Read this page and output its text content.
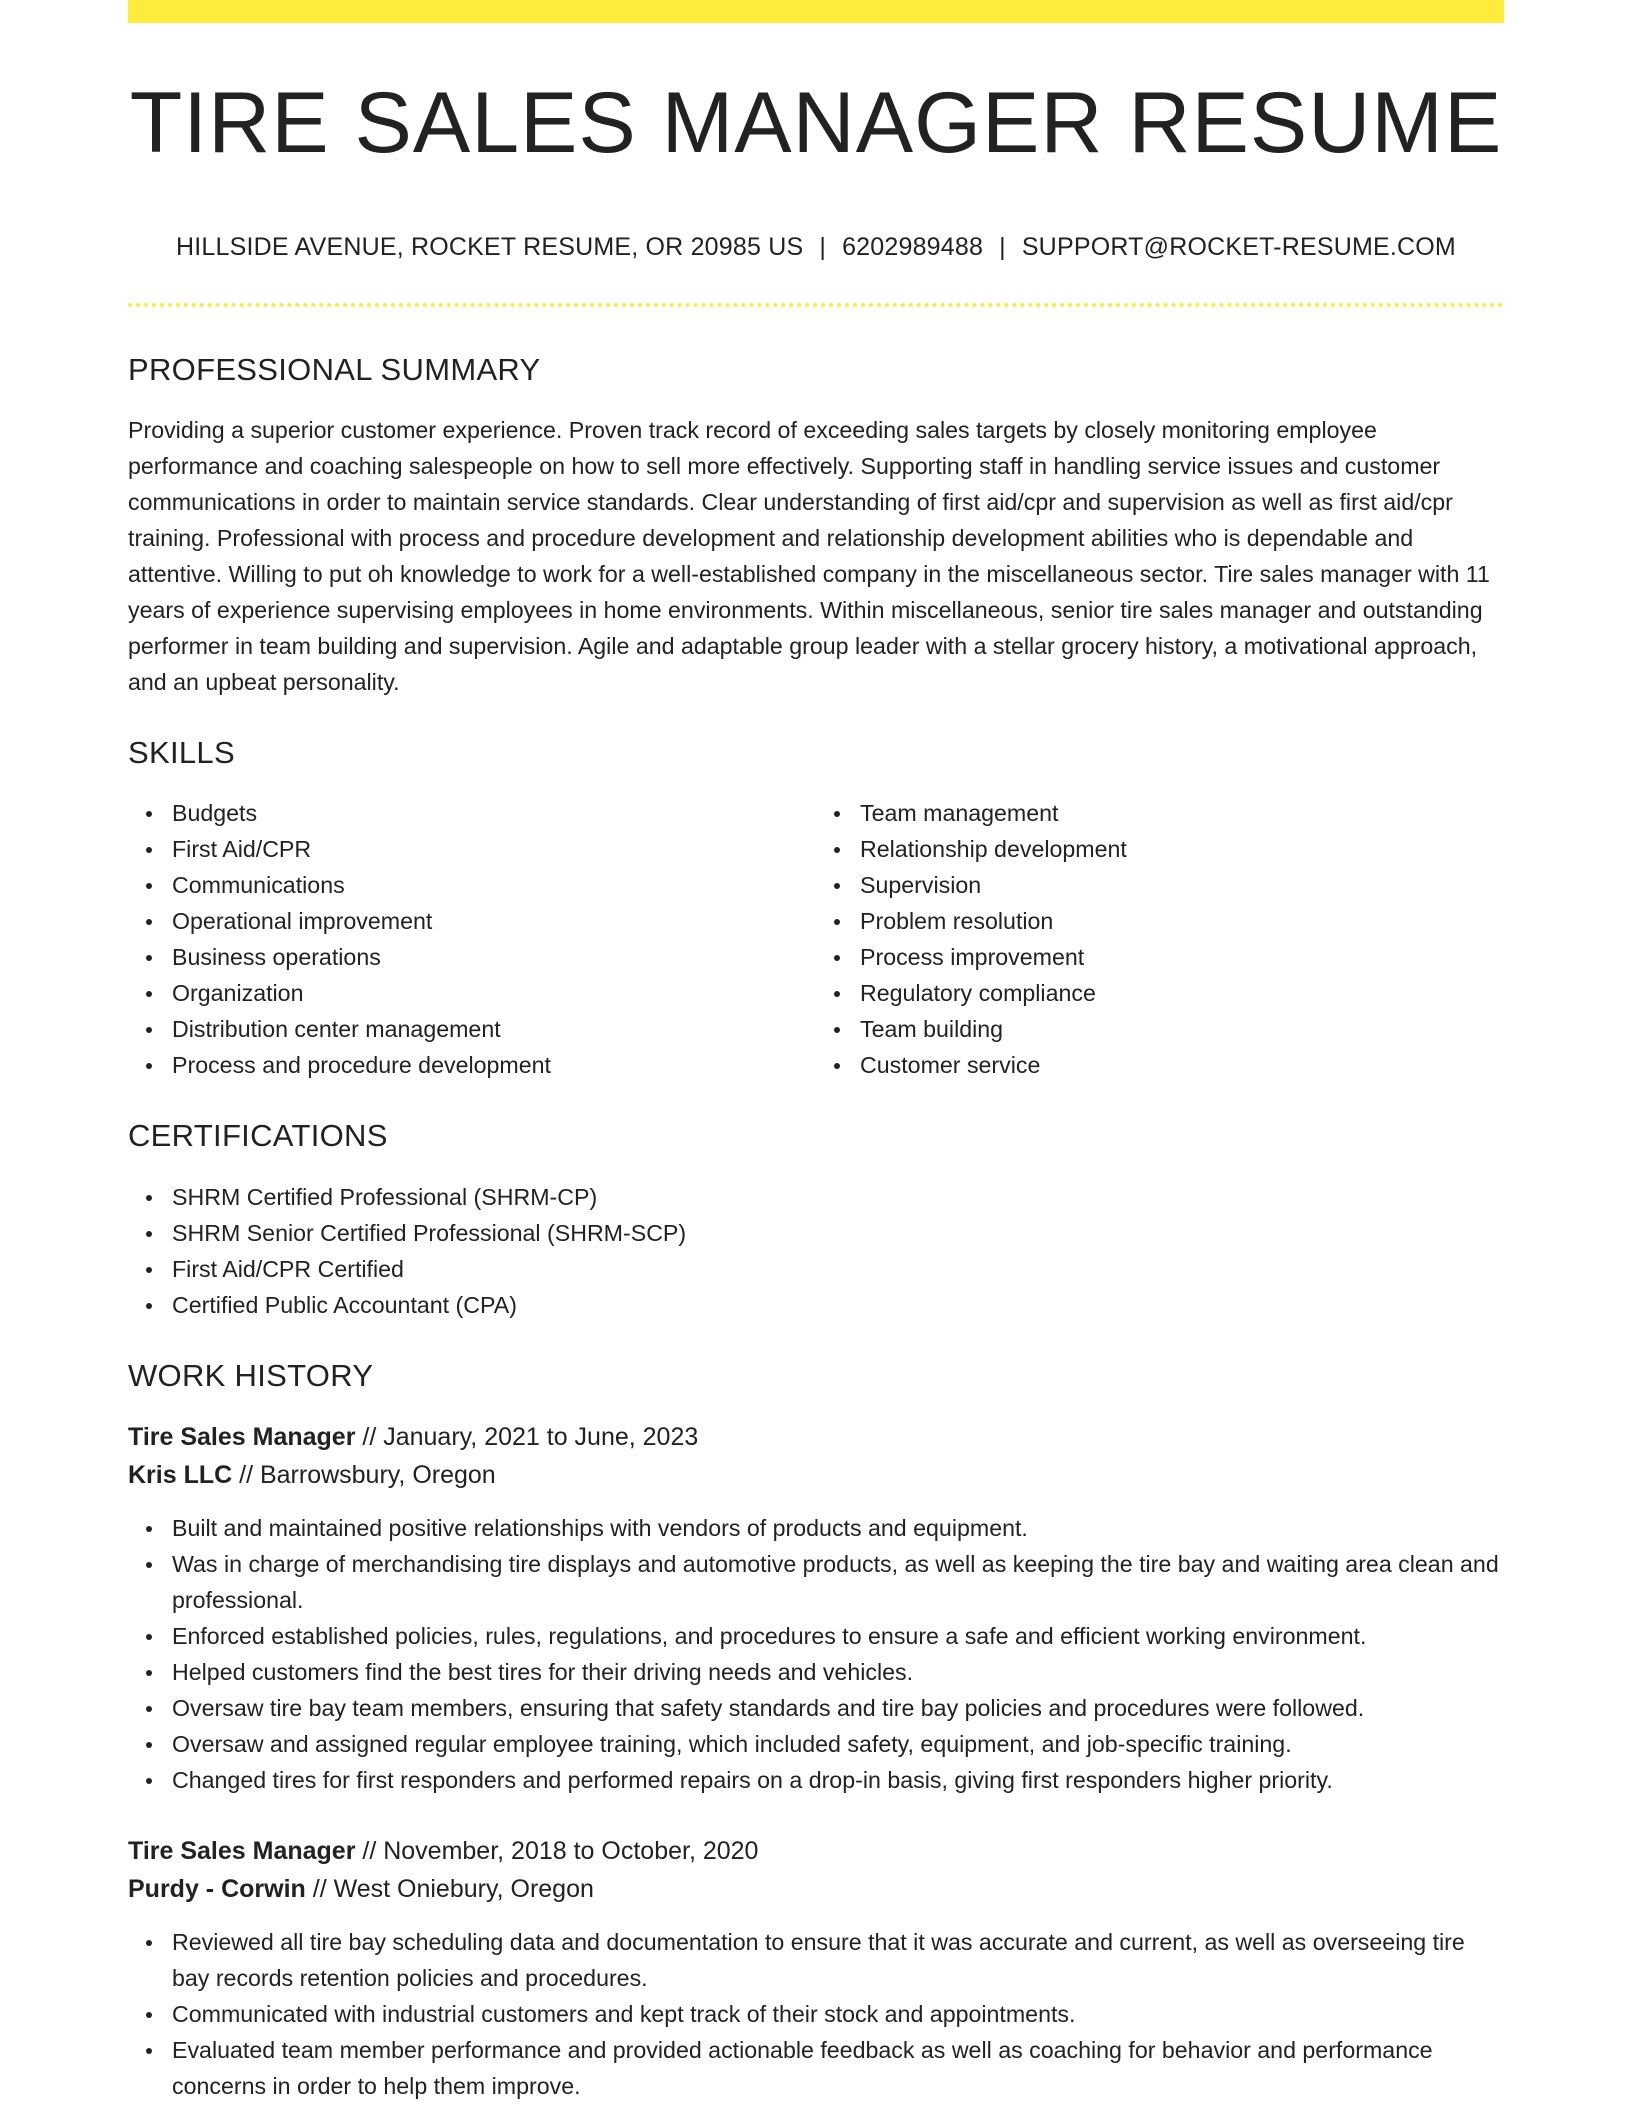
TIRE SALES MANAGER RESUME
HILLSIDE AVENUE, ROCKET RESUME, OR 20985 US | 6202989488 | SUPPORT@ROCKET-RESUME.COM
PROFESSIONAL SUMMARY

Providing a superior customer experience. Proven track record of exceeding sales targets by closely monitoring employee performance and coaching salespeople on how to sell more effectively. Supporting staff in handling service issues and customer communications in order to maintain service standards. Clear understanding of first aid/cpr and supervision as well as first aid/cpr training. Professional with process and procedure development and relationship development abilities who is dependable and attentive. Willing to put oh knowledge to work for a well-established company in the miscellaneous sector. Tire sales manager with 11 years of experience supervising employees in home environments. Within miscellaneous, senior tire sales manager and outstanding performer in team building and supervision. Agile and adaptable group leader with a stellar grocery history, a motivational approach, and an upbeat personality.

SKILLS
Budgets
First Aid/CPR
Communications
Operational improvement
Business operations
Organization
Distribution center management
Process and procedure development
Team management
Relationship development
Supervision
Problem resolution
Process improvement
Regulatory compliance
Team building
Customer service
CERTIFICATIONS
SHRM Certified Professional (SHRM-CP)
SHRM Senior Certified Professional (SHRM-SCP)
First Aid/CPR Certified
Certified Public Accountant (CPA)
WORK HISTORY
Tire Sales Manager // January, 2021 to June, 2023
Kris LLC // Barrowsbury, Oregon
Built and maintained positive relationships with vendors of products and equipment.
Was in charge of merchandising tire displays and automotive products, as well as keeping the tire bay and waiting area clean and professional.
Enforced established policies, rules, regulations, and procedures to ensure a safe and efficient working environment.
Helped customers find the best tires for their driving needs and vehicles.
Oversaw tire bay team members, ensuring that safety standards and tire bay policies and procedures were followed.
Oversaw and assigned regular employee training, which included safety, equipment, and job-specific training.
Changed tires for first responders and performed repairs on a drop-in basis, giving first responders higher priority.
Tire Sales Manager // November, 2018 to October, 2020
Purdy - Corwin // West Oniebury, Oregon
Reviewed all tire bay scheduling data and documentation to ensure that it was accurate and current, as well as overseeing tire bay records retention policies and procedures.
Communicated with industrial customers and kept track of their stock and appointments.
Evaluated team member performance and provided actionable feedback as well as coaching for behavior and performance concerns in order to help them improve.
